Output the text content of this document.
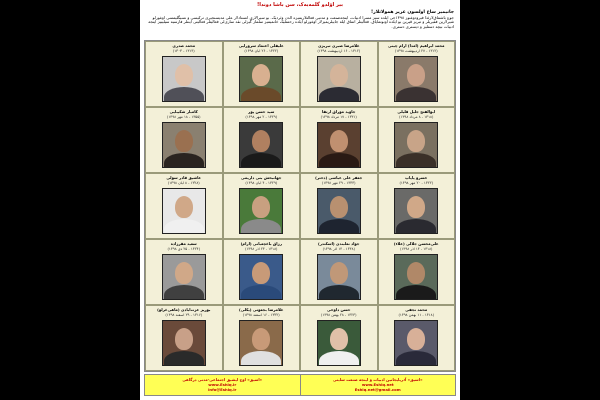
بیر اؤلدو گلمه‌یه‌ک، سن باشا دوندا!
جانیمیز ساغ اولسون عزیز همولاتلار!
جوع باشماق‌لارئذا فیرودوغنوز ۱۳۹۸جی ایلده سیز مسرا ادبیات، اینجه‌صنعت و مدنیی فعالتلاریمیزه الدن وئردیک. بو سیرالاری انستادلار علی مدیسنجیری ترکیسی و نسیگلیمسی اوغورلو شیرلارین فقیریلر و تبریز قیرین بو ایلده اونوتمایاق. فعالیتلر اتماق ایله جابیلریمیزلار اوغورلو ایلده رحمتلیک خانمیمیز سلماز گیزلی نقد ساری‌لی فعالیتلر فعالیتی اینتلر فارسیه سیلیبیز اینجه ادبیات نیچه دستلیز و دیستری دستری.
محمد ابراهیم (امدا) آرام چینی
(۱۳۱۲ - ۲۷ اردیبهشت ۱۳۹۸)
غلامرضا صبری تبریزی
(۱۳۱۲ - ۱۶ اردیبهشت ۱۳۹۸)
علیقلی اعتماد سرورآیی
(۱۳۲۲ - ۲۶ آبان ۱۳۹۸)
محمد صدری
(۱۳۱۴ - ۱۳۰۳)
ابوالفتح جلیل قلیلی
(۱۳۱۸ - ۸ مرداد ۱۳۹۸)
جاوید موراق ارتقا
(۱۳۳۱ - ۱۷ مرداد ۱۳۹۸)
سید حسن پور
(۱۳۲۹ - ۲ مهر ۱۳۹۸)
کامبار شکیبایی
(۱۳۵۵ - ۱۸ مهر ۱۳۹۸)
خسرو پاپاپ
(۱۳۲۲ - ۲۰ مهر ۱۳۹۸)
جعفر علی عباسی (دختر)
(۱۳۳۳ - ۲۹ مهر ۱۳۹۸)
جهانبخش بنی داریمی
(۱۳۲۹ - ۴ آبان ۱۳۹۸)
عاشیق قادر سولی
(۱۳۲۸ - ۸ آبان ۱۳۹۸)
علی‌محسن جلالی (علاء)
(۱۳۱۸ - ۱۴ آذر ۱۳۹۸)
جواد نعلبندی (اسکندر)
(۱۳۳۸ - ۱۴ آذر ۱۳۹۸)
رزاق باغچه‌بانی (آرام)
(۱۳۱۸ - ۲۳ آذر ۱۳۹۸)
سعید مقرزاده
(۱۳۲۴ - ۲۵ دی ۱۳۹۸)
محمد نجفی
(۱۳۱۸ - ۱۱ بهمن ۱۳۹۸)
حسن داوخی
(۱۳۲۳ - ۲۸ بهمن ۱۳۹۸)
غلامرضا بجعوتی (یکلی)
(۱۳۳۲ - ۱۶ اسفند ۱۳۹۸)
بوریز عزت‌آبادی (ماهی‌غرلو)
(۱۳۱۶ - ۲۹ اسفند ۱۳۹۸)
«اسیق» آذربایجانین ادبیات و اینجه صنعت سایتی
www.Eshiq.net
Eshiq.net@gmail.com
«اسیق» اوچ ایشیق اجتماعی-مدنی درگاهی
www.Eshiq.ir
info@Eshiq.ir
